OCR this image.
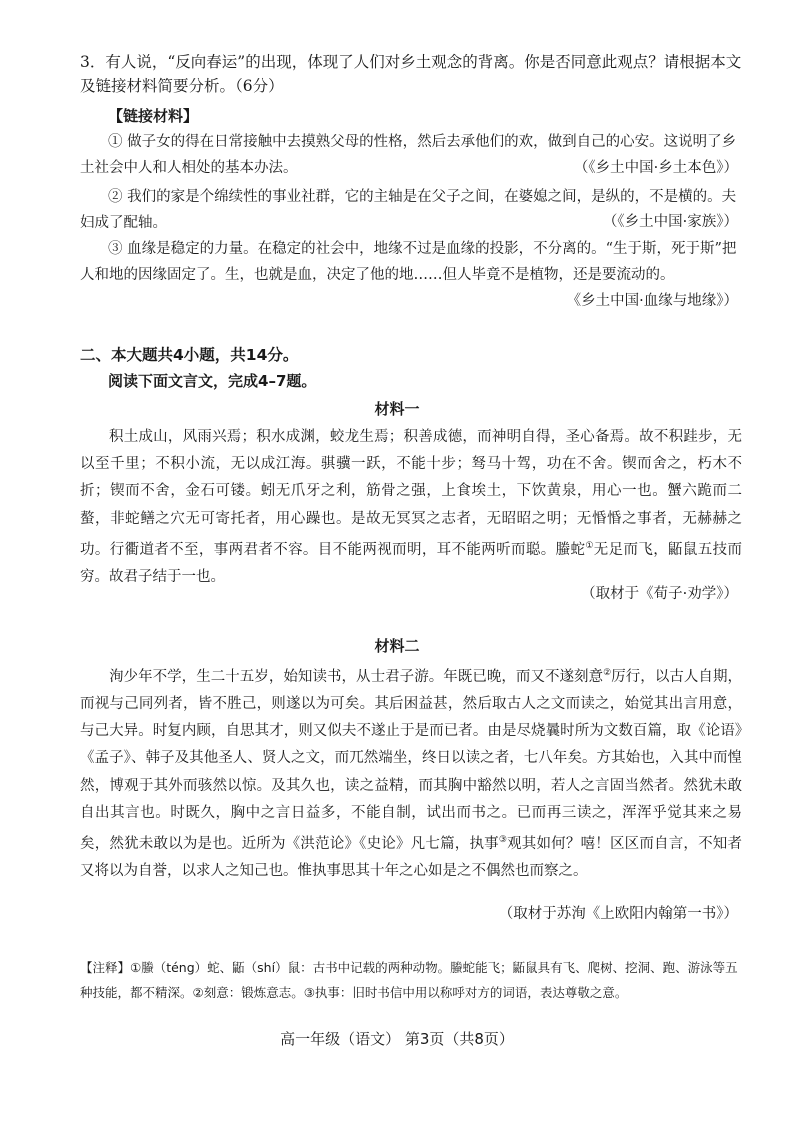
3．有人说，“反向春运”的出现，体现了人们对乡土观念的背离。你是否同意此观点？请根据本文及链接材料简要分析。（6分）
【链接材料】
① 做子女的得在日常接触中去摸熟父母的性格，然后去承他们的欢，做到自己的心安。这说明了乡土社会中人和人相处的基本办法。	（《乡土中国·乡土本色》）
② 我们的家是个绵续性的事业社群，它的主轴是在父子之间，在婆媳之间，是纵的，不是横的。夫妇成了配轴。	（《乡土中国·家族》）
③ 血缘是稳定的力量。在稳定的社会中，地缘不过是血缘的投影，不分离的。“生于斯，死于斯”把人和地的因缘固定了。生，也就是血，决定了他的地……但人毕竟不是植物，还是要流动的。
《乡土中国·血缘与地缘》）
二、本大题共4小题，共14分。
阅读下面文言文，完成4–7题。
材料一
积土成山，风雨兴焉；积水成渊，蛟龙生焉；积善成德，而神明自得，圣心备焉。故不积跬步，无以至千里；不积小流，无以成江海。骐骥一跃，不能十步；驽马十驾，功在不舍。锲而舍之，朽木不折；锲而不舍，金石可镂。蚓无爪牙之利，筋骨之强，上食埃土，下饮黄泉，用心一也。蟹六跪而二螯，非蛇鳝之穴无可寄托者，用心躁也。是故无冥冥之志者，无昭昭之明；无惛惛之事者，无赫赫之功。行衢道者不至，事两君者不容。目不能两视而明，耳不能两听而聪。螣蛇①无足而飞，鼫鼠五技而穷。故君子结于一也。
（取材于《荀子·劝学》）
材料二
洵少年不学，生二十五岁，始知读书，从士君子游。年既已晚，而又不遂刻意②厉行，以古人自期，而视与己同列者，皆不胜己，则遂以为可矣。其后困益甚，然后取古人之文而读之，始觉其出言用意，与己大异。时复内顾，自思其才，则又似夫不遂止于是而已者。由是尽烧曩时所为文数百篇，取《论语》《孟子》、韩子及其他圣人、贤人之文，而兀然端坐，终日以读之者，七八年矣。方其始也，入其中而惶然，博观于其外而骇然以惊。及其久也，读之益精，而其胸中豁然以明，若人之言固当然者。然犹未敢自出其言也。时既久，胸中之言日益多，不能自制，试出而书之。已而再三读之，浑浑乎觉其来之易矣，然犹未敢以为是也。近所为《洪范论》《史论》凡七篇，执事③观其如何？嘻！区区而自言，不知者又将以为自誉，以求人之知己也。惟执事思其十年之心如是之不偶然也而察之。
（取材于苏洵《上欧阳内翰第一书》）
【注释】①螣（téng）蛇、鼫（shí）鼠：古书中记载的两种动物。螣蛇能飞；鼫鼠具有飞、爬树、挖洞、跑、游泳等五种技能，都不精深。②刻意：锻炼意志。③执事：旧时书信中用以称呼对方的词语，表达尊敬之意。
高一年级（语文） 第3页（共8页）
